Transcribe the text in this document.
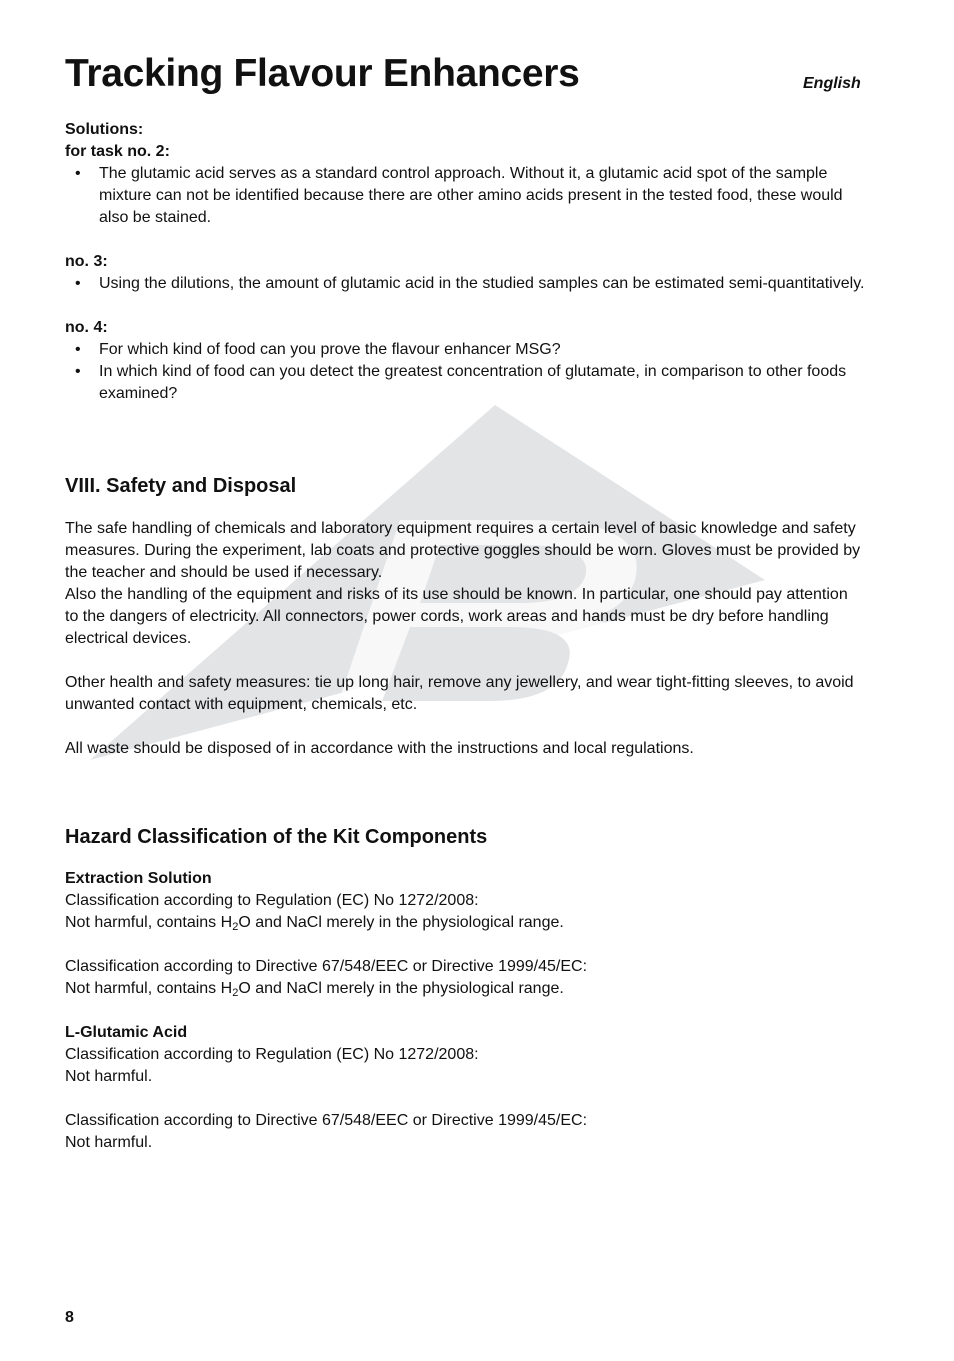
Tracking Flavour Enhancers	English

Solutions:

for task no. 2:

• The glutamic acid serves as a standard control approach. Without it, a glutamic acid spot of the sample mixture can not be identified because there are other amino acids present in the tested food, these would also be stained.

no. 3:

• Using the dilutions, the amount of glutamic acid in the studied samples can be estimated semi-quantitatively.

no. 4:

• For which kind of food can you prove the flavour enhancer MSG?
• In which kind of food can you detect the greatest concentration of glutamate, in comparison to other foods examined?
VIII. Safety and Disposal

The safe handling of chemicals and laboratory equipment requires a certain level of basic knowledge and safety measures. During the experiment, lab coats and protective goggles should be worn. Gloves must be provided by the teacher and should be used if necessary.

Also the handling of the equipment and risks of its use should be known. In particular, one should pay attention to the dangers of electricity. All connectors, power cords, work areas and hands must be dry before handling electrical devices.

Other health and safety measures: tie up long hair, remove any jewellery, and wear tight-fitting sleeves, to avoid unwanted contact with equipment, chemicals, etc.

All waste should be disposed of in accordance with the instructions and local regulations.

Hazard Classification of the Kit Components

Extraction Solution

Classification according to Regulation (EC) No 1272/2008:

Not harmful, contains $H_2O$ and NaCl merely in the physiological range.

Classification according to Directive 67/548/EEC or Directive 1999/45/EC:

Not harmful, contains $H_2O$ and NaCl merely in the physiological range.

L-Glutamic Acid

Classification according to Regulation (EC) No 1272/2008:

Not harmful.

Classification according to Directive 67/548/EEC or Directive 1999/45/EC:

Not harmful.

8
